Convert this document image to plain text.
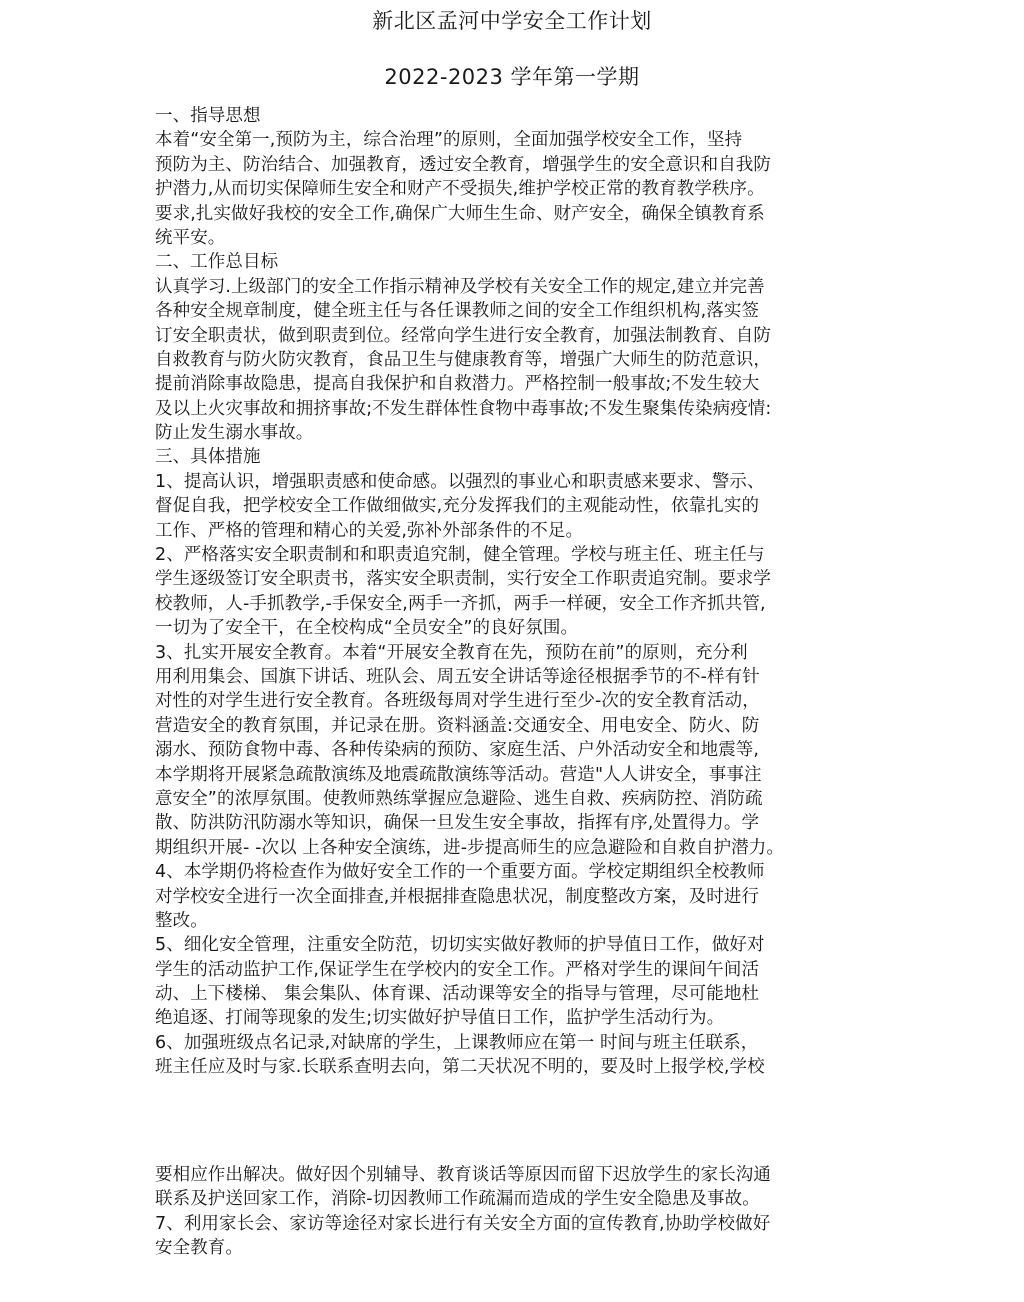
新北区孟河中学安全工作计划
2022-2023 学年第一学期
一、指导思想
本着“安全第一,预防为主，综合治理”的原则，全面加强学校安全工作，坚持
预防为主、防治结合、加强教育，透过安全教育，增强学生的安全意识和自我防
护潜力,从而切实保障师生安全和财产不受损失,维护学校正常的教育教学秩序。
要求,扎实做好我校的安全工作,确保广大师生生命、财产安全，确保全镇教育系
统平安。
二、工作总目标
认真学习.上级部门的安全工作指示精神及学校有关安全工作的规定,建立并完善
各种安全规章制度，健全班主任与各任课教师之间的安全工作组织机构,落实签
订安全职责状，做到职责到位。经常向学生进行安全教育，加强法制教育、自防
自救教育与防火防灾教育，食品卫生与健康教育等，增强广大师生的防范意识，
提前消除事故隐患，提高自我保护和自救潜力。严格控制一般事故;不发生较大
及以上火灾事故和拥挤事故;不发生群体性食物中毒事故;不发生聚集传染病疫情:
防止发生溺水事故。
三、具体措施
1、提高认识，增强职责感和使命感。以强烈的事业心和职责感来要求、警示、
督促自我，把学校安全工作做细做实,充分发挥我们的主观能动性，依靠扎实的
工作、严格的管理和精心的关爱,弥补外部条件的不足。
2、严格落实安全职责制和和职责追究制，健全管理。学校与班主任、班主任与
学生逐级签订安全职责书，落实安全职责制，实行安全工作职责追究制。要求学
校教师，人-手抓教学,-手保安全,两手一齐抓，两手一样硬，安全工作齐抓共管,
一切为了安全干，在全校构成“全员安全”的良好氛围。
3、扎实开展安全教育。本着“开展安全教育在先，预防在前”的原则，充分利
用利用集会、国旗下讲话、班队会、周五安全讲话等途径根据季节的不-样有针
对性的对学生进行安全教育。各班级每周对学生进行至少-次的安全教育活动，
营造安全的教育氛围，并记录在册。资料涵盖:交通安全、用电安全、防火、防
溺水、预防食物中毒、各种传染病的预防、家庭生活、户外活动安全和地震等,
本学期将开展紧急疏散演练及地震疏散演练等活动。营造"人人讲安全，事事注
意安全”的浓厚氛围。使教师熟练掌握应急避险、逃生自救、疾病防控、消防疏
散、防洪防汛防溺水等知识，确保一旦发生安全事故，指挥有序,处置得力。学
期组织开展- -次以 上各种安全演练，进-步提高师生的应急避险和自救自护潜力。
4、本学期仍将检查作为做好安全工作的一个重要方面。学校定期组织全校教师
对学校安全进行一次全面排查,并根据排查隐患状况，制度整改方案，及时进行
整改。
5、细化安全管理，注重安全防范，切切实实做好教师的护导值日工作，做好对
学生的活动监护工作,保证学生在学校内的安全工作。严格对学生的课间午间活
动、上下楼梯、 集会集队、体育课、活动课等安全的指导与管理，尽可能地杜
绝追逐、打闹等现象的发生;切实做好护导值日工作，监护学生活动行为。
6、加强班级点名记录,对缺席的学生，上课教师应在第一 时间与班主任联系，
班主任应及时与家.长联系查明去向，第二天状况不明的，要及时上报学校,学校
要相应作出解决。做好因个别辅导、教育谈话等原因而留下迟放学生的家长沟通
联系及护送回家工作，消除-切因教师工作疏漏而造成的学生安全隐患及事故。
7、利用家长会、家访等途径对家长进行有关安全方面的宣传教育,协助学校做好
安全教育。
